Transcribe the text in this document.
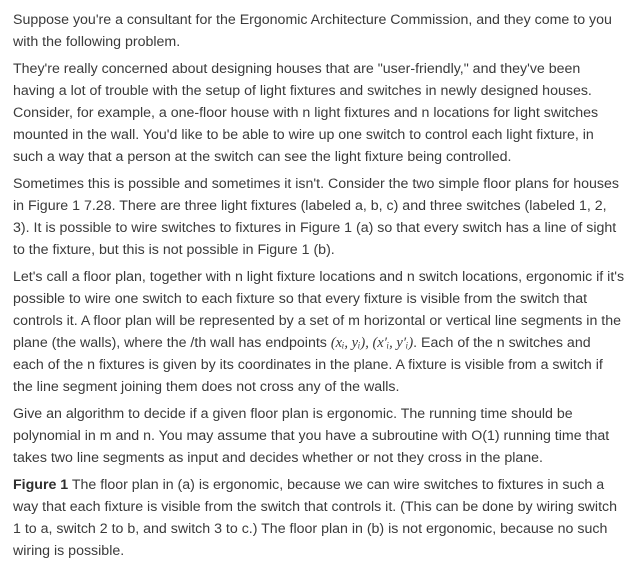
Suppose you're a consultant for the Ergonomic Architecture Commission, and they come to you with the following problem.

They're really concerned about designing houses that are "user-friendly," and they've been having a lot of trouble with the setup of light fixtures and switches in newly designed houses. Consider, for example, a one-floor house with n light fixtures and n locations for light switches mounted in the wall. You'd like to be able to wire up one switch to control each light fixture, in such a way that a person at the switch can see the light fixture being controlled.

Sometimes this is possible and sometimes it isn't. Consider the two simple floor plans for houses in Figure 1 7.28. There are three light fixtures (labeled a, b, c) and three switches (labeled 1, 2, 3). It is possible to wire switches to fixtures in Figure 1 (a) so that every switch has a line of sight to the fixture, but this is not possible in Figure 1 (b).

Let's call a floor plan, together with n light fixture locations and n switch locations, ergonomic if it's possible to wire one switch to each fixture so that every fixture is visible from the switch that controls it. A floor plan will be represented by a set of m horizontal or vertical line segments in the plane (the walls), where the /th wall has endpoints (xᵢ, yᵢ), (x′ᵢ, y′ᵢ). Each of the n switches and each of the n fixtures is given by its coordinates in the plane. A fixture is visible from a switch if the line segment joining them does not cross any of the walls.

Give an algorithm to decide if a given floor plan is ergonomic. The running time should be polynomial in m and n. You may assume that you have a subroutine with O(1) running time that takes two line segments as input and decides whether or not they cross in the plane.

Figure 1 The floor plan in (a) is ergonomic, because we can wire switches to fixtures in such a way that each fixture is visible from the switch that controls it. (This can be done by wiring switch 1 to a, switch 2 to b, and switch 3 to c.) The floor plan in (b) is not ergonomic, because no such wiring is possible.
